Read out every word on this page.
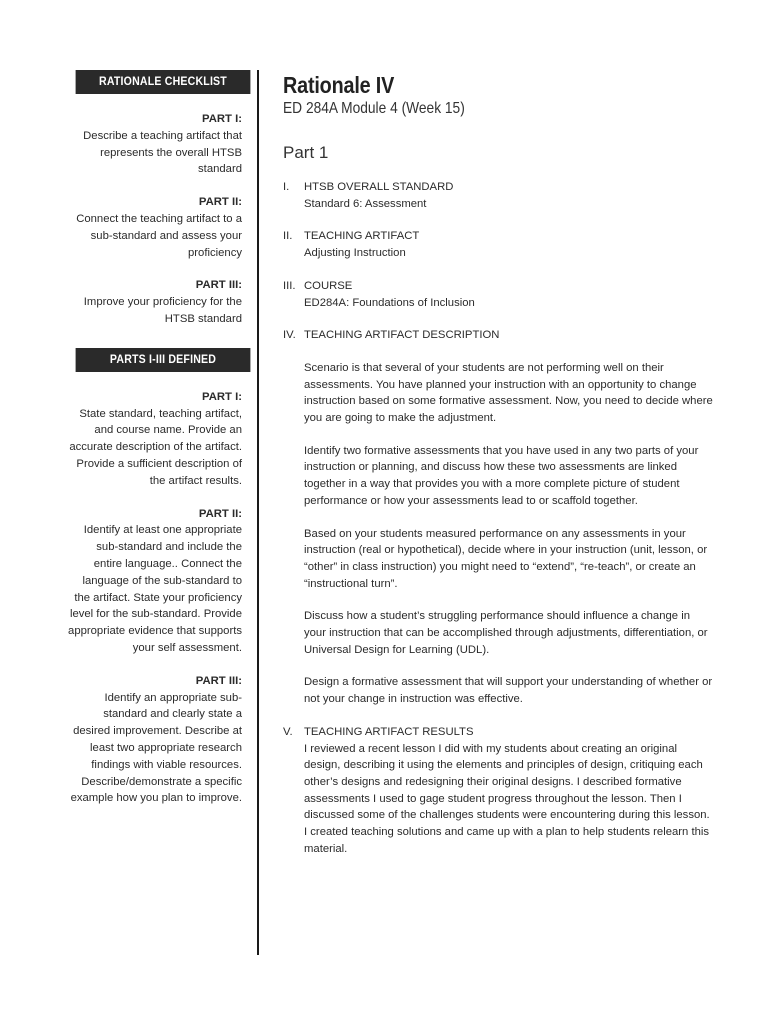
RATIONALE CHECKLIST
PART I:
Describe a teaching artifact that represents the overall HTSB standard
PART II:
Connect the teaching artifact to a sub-standard and assess your proficiency
PART III:
Improve your proficiency for the HTSB standard
PARTS I-III DEFINED
PART I:
State standard, teaching artifact, and course name. Provide an accurate description of the artifact. Provide a sufficient description of the artifact results.
PART II:
Identify at least one appropriate sub-standard and include the entire language.. Connect the language of the sub-standard to the artifact. State your proficiency level for the sub-standard. Provide appropriate evidence that supports your self assessment.
PART III:
Identify an appropriate sub-standard and clearly state a desired improvement. Describe at least two appropriate research findings with viable resources. Describe/demonstrate a specific example how you plan to improve.
Rationale IV
ED 284A Module 4 (Week 15)
Part 1
I. HTSB OVERALL STANDARD
Standard 6: Assessment
II. TEACHING ARTIFACT
Adjusting Instruction
III. COURSE
ED284A: Foundations of Inclusion
IV. TEACHING ARTIFACT DESCRIPTION
Scenario is that several of your students are not performing well on their assessments. You have planned your instruction with an opportunity to change instruction based on some formative assessment. Now, you need to decide where you are going to make the adjustment.
Identify two formative assessments that you have used in any two parts of your instruction or planning, and discuss how these two assessments are linked together in a way that provides you with a more complete picture of student performance or how your assessments lead to or scaffold together.
Based on your students measured performance on any assessments in your instruction (real or hypothetical), decide where in your instruction (unit, lesson, or “other” in class instruction) you might need to “extend”, “re-teach”, or create an “instructional turn”.
Discuss how a student’s struggling performance should influence a change in your instruction that can be accomplished through adjustments, differentiation, or Universal Design for Learning (UDL).
Design a formative assessment that will support your understanding of whether or not your change in instruction was effective.
V. TEACHING ARTIFACT RESULTS
I reviewed a recent lesson I did with my students about creating an original design, describing it using the elements and principles of design, critiquing each other’s designs and redesigning their original designs. I described formative assessments I used to gage student progress throughout the lesson. Then I discussed some of the challenges students were encountering during this lesson. I created teaching solutions and came up with a plan to help students relearn this material.
